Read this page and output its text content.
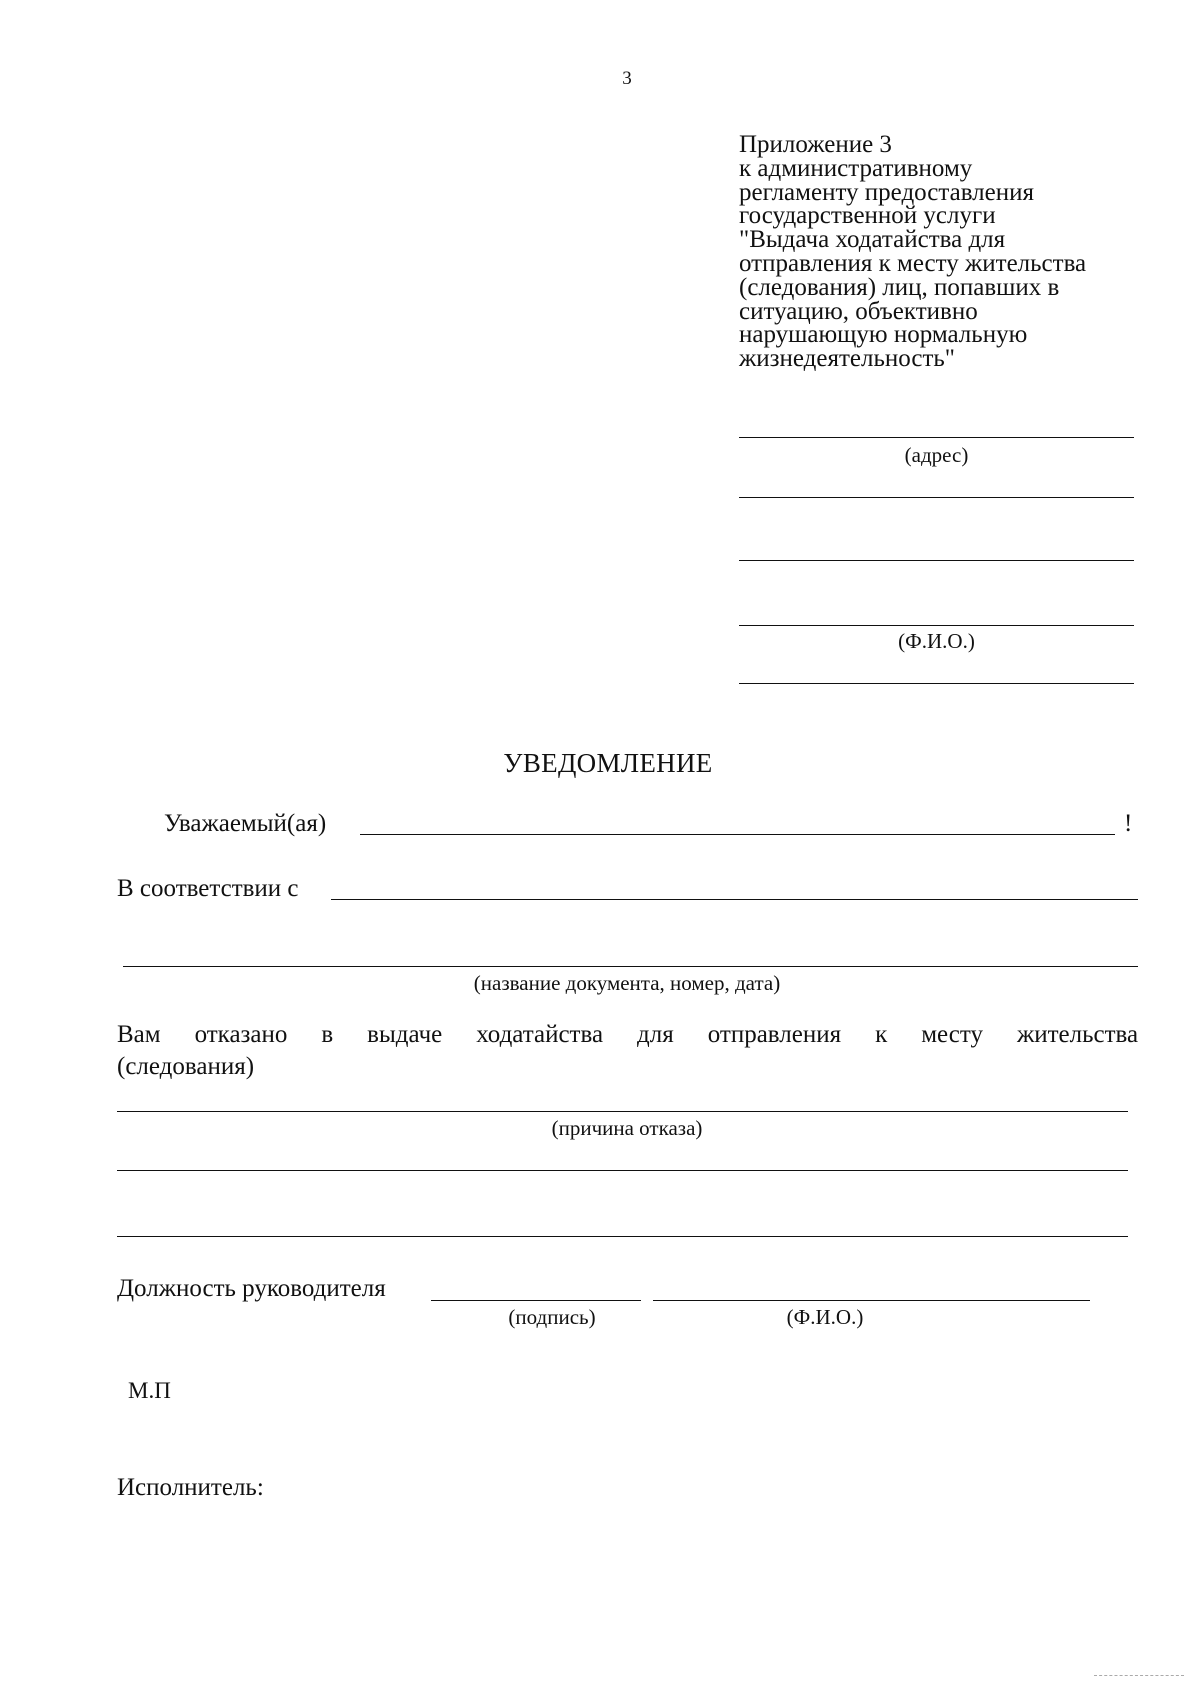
3
Приложение 3
к административному
регламенту предоставления
государственной услуги
"Выдача ходатайства для
отправления к месту жительства
(следования) лиц, попавших в
ситуацию, объективно
нарушающую нормальную
жизнедеятельность"
(адрес)
(Ф.И.О.)
УВЕДОМЛЕНИЕ
Уважаемый(ая)	!
В соответствии с
(название документа, номер, дата)
Вам отказано в выдаче ходатайства для отправления к месту жительства
(следования)
(причина отказа)
Должность руководителя
(подпись)	(Ф.И.О.)
М.П
Исполнитель:
